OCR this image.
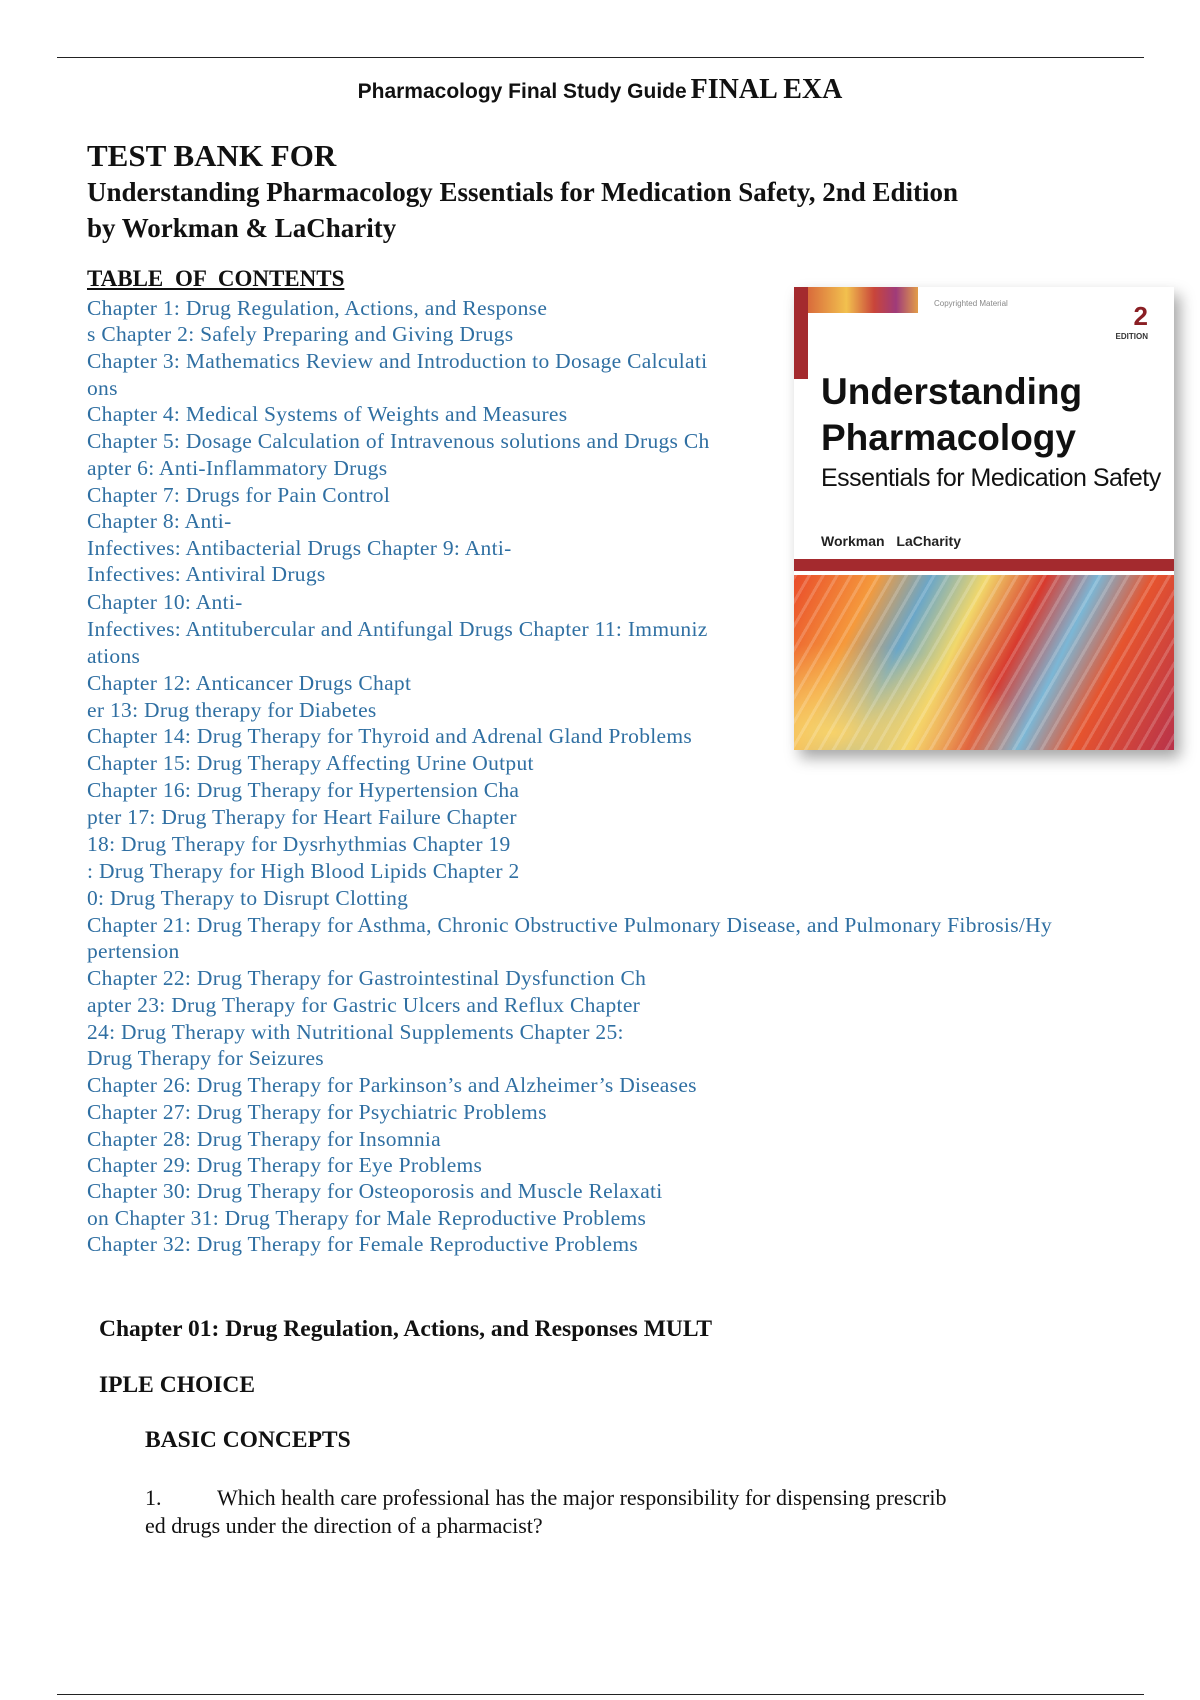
Pharmacology Final Study Guide FINAL EXA
TEST BANK FOR
Understanding Pharmacology Essentials for Medication Safety, 2nd Edition
by Workman & LaCharity
TABLE OF CONTENTS
Chapter 1: Drug Regulation, Actions, and Response
s Chapter 2: Safely Preparing and Giving Drugs
Chapter 3: Mathematics Review and Introduction to Dosage Calculati
ons
Chapter 4: Medical Systems of Weights and Measures
Chapter 5: Dosage Calculation of Intravenous solutions and Drugs Ch
apter 6: Anti-Inflammatory Drugs
Chapter 7: Drugs for Pain Control
Chapter 8: Anti-
Infectives: Antibacterial Drugs Chapter 9: Anti-
Infectives: Antiviral Drugs
Chapter 10: Anti-
Infectives: Antitubercular and Antifungal Drugs Chapter 11: Immuniz
ations
Chapter 12: Anticancer Drugs Chapt
er 13: Drug therapy for Diabetes
Chapter 14: Drug Therapy for Thyroid and Adrenal Gland Problems
Chapter 15: Drug Therapy Affecting Urine Output
Chapter 16: Drug Therapy for Hypertension Cha
pter 17: Drug Therapy for Heart Failure Chapter
18: Drug Therapy for Dysrhythmias Chapter 19
: Drug Therapy for High Blood Lipids Chapter 2
0: Drug Therapy to Disrupt Clotting
Chapter 21: Drug Therapy for Asthma, Chronic Obstructive Pulmonary Disease, and Pulmonary Fibrosis/Hy
pertension
Chapter 22: Drug Therapy for Gastrointestinal Dysfunction Ch
apter 23: Drug Therapy for Gastric Ulcers and Reflux Chapter
24: Drug Therapy with Nutritional Supplements Chapter 25:
Drug Therapy for Seizures
Chapter 26: Drug Therapy for Parkinson’s and Alzheimer’s Diseases
Chapter 27: Drug Therapy for Psychiatric Problems
Chapter 28: Drug Therapy for Insomnia
Chapter 29: Drug Therapy for Eye Problems
Chapter 30: Drug Therapy for Osteoporosis and Muscle Relaxati
on Chapter 31: Drug Therapy for Male Reproductive Problems
Chapter 32: Drug Therapy for Female Reproductive Problems
Copyrighted Material	2
EDITION
Understanding
Pharmacology
Essentials for Medication Safety
Workman LaCharity
Chapter 01: Drug Regulation, Actions, and Responses MULT
IPLE CHOICE
BASIC CONCEPTS
1.	Which health care professional has the major responsibility for dispensing prescrib
ed drugs under the direction of a pharmacist?
